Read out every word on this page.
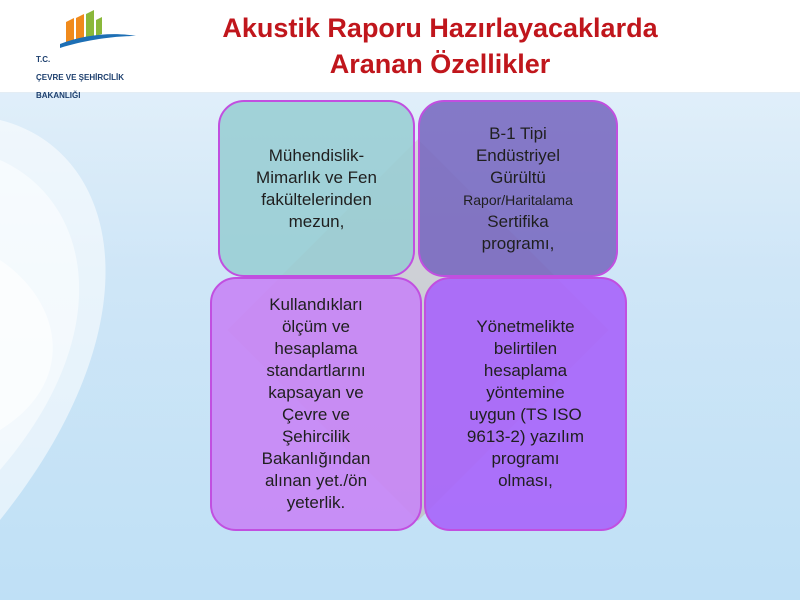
T.C.

ÇEVRE VE ŞEHİRCİLİK

BAKANLIĞI

Akustik Raporu Hazırlayacaklarda
Aranan Özellikler
Mühendislik-
Mimarlık ve Fen
fakültelerinden
mezun,
B-1 Tipi
Endüstriyel
Gürültü
Rapor/Haritalama
Sertifika
programı,
Kullandıkları
ölçüm ve
hesaplama
standartlarını
kapsayan ve
Çevre ve
Şehircilik
Bakanlığından
alınan yet./ön
yeterlik.
Yönetmelikte
belirtilen
hesaplama
yöntemine
uygun (TS ISO
9613-2) yazılım
programı
olması,
